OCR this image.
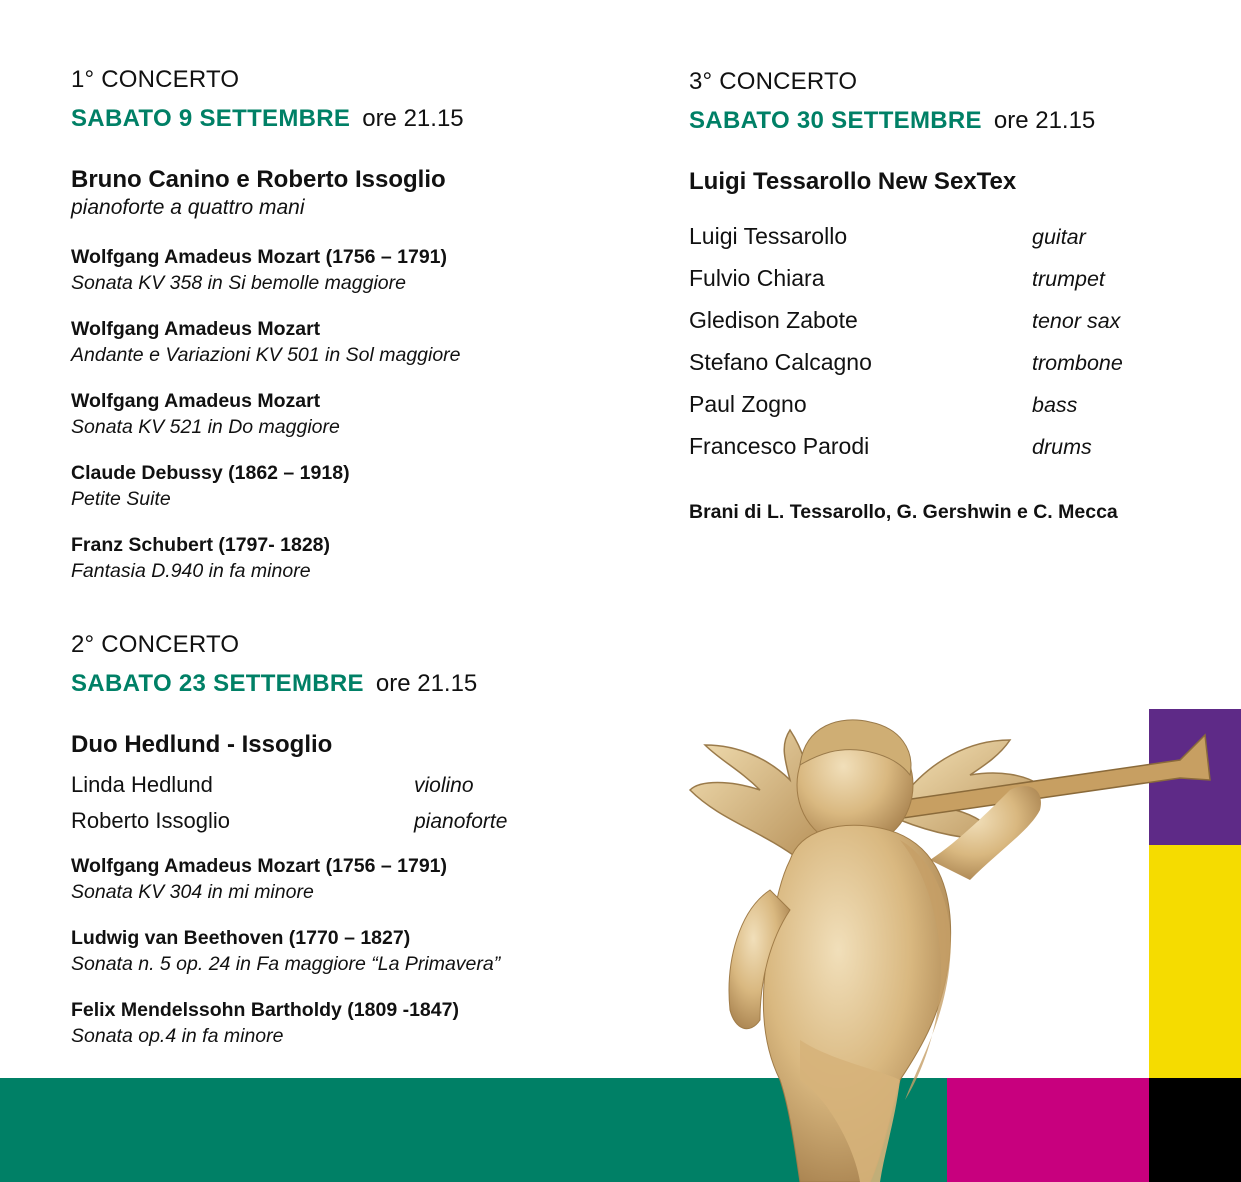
1° CONCERTO
SABATO 9 SETTEMBRE ore 21.15
Bruno Canino e Roberto Issoglio
pianoforte a quattro mani
Wolfgang Amadeus Mozart (1756 – 1791)
Sonata KV 358 in Si bemolle maggiore
Wolfgang Amadeus Mozart
Andante e Variazioni KV 501 in Sol maggiore
Wolfgang Amadeus Mozart
Sonata KV 521 in Do maggiore
Claude Debussy (1862 – 1918)
Petite Suite
Franz Schubert (1797- 1828)
Fantasia D.940 in fa minore
2° CONCERTO
SABATO 23 SETTEMBRE ore 21.15
Duo Hedlund - Issoglio
Linda Hedlund	violino
Roberto Issoglio	pianoforte
Wolfgang Amadeus Mozart (1756 – 1791)
Sonata KV 304 in mi minore
Ludwig van Beethoven (1770 – 1827)
Sonata n. 5 op. 24 in Fa maggiore “La Primavera”
Felix Mendelssohn Bartholdy (1809 -1847)
Sonata op.4 in fa minore
3° CONCERTO
SABATO 30 SETTEMBRE ore 21.15
Luigi Tessarollo New SexTex
Luigi Tessarollo	guitar
Fulvio Chiara	trumpet
Gledison Zabote	tenor sax
Stefano Calcagno	trombone
Paul Zogno	bass
Francesco Parodi	drums
Brani di L. Tessarollo, G. Gershwin e C. Mecca
